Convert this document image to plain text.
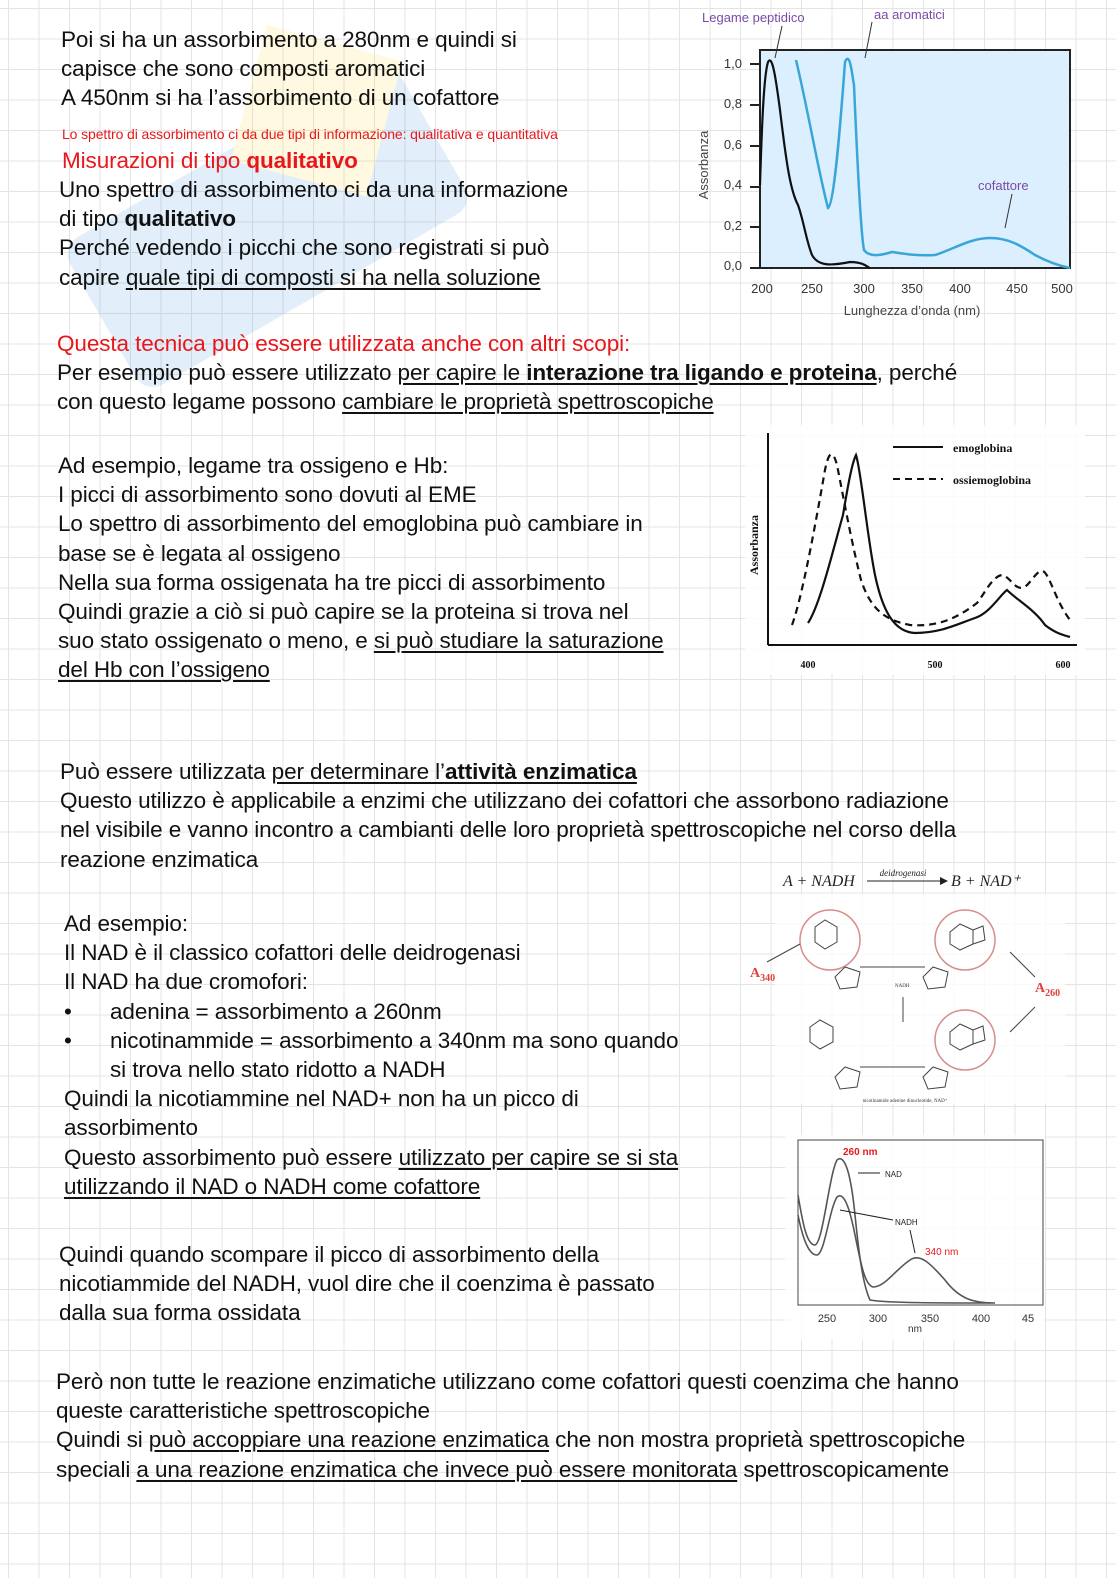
Poi si ha un assorbimento a 280nm e quindi si
capisce che sono composti aromatici
A 450nm si ha l’assorbimento di un cofattore
Lo spettro di assorbimento ci da due tipi di informazione: qualitativa e quantitativa
Misurazioni di tipo qualitativo
Uno spettro di assorbimento ci da una informazione
di tipo qualitativo
Perché vedendo i picchi che sono registrati si può
capire quale tipi di composti si ha nella soluzione	0,0
0,2
0,4
0,6
0,8
1,0
200 250 300 350 400	450 500
Lunghezza d’onda (nm)
Assorbanza
Legame peptidico	aa aromatici
cofattore
Questa tecnica può essere utilizzata anche con altri scopi:
Per esempio può essere utilizzato per capire le interazione tra ligando e proteina, perché
con questo legame possono cambiare le proprietà spettroscopiche
Ad esempio, legame tra ossigeno e Hb:
I picci di assorbimento sono dovuti al EME
Lo spettro di assorbimento del emoglobina può cambiare in
base se è legata al ossigeno
Nella sua forma ossigenata ha tre picci di assorbimento
Quindi grazie a ciò si può capire se la proteina si trova nel
suo stato ossigenato o meno, e si può studiare la saturazione
del Hb con l’ossigeno	400	500	600
Assorbanza
emoglobina
ossiemoglobina
Può essere utilizzata per determinare l’attività enzimatica
Questo utilizzo è applicabile a enzimi che utilizzano dei cofattori che assorbono radiazione
nel visibile e vanno incontro a cambianti delle loro proprietà spettroscopiche nel corso della
reazione enzimatica
Ad esempio:
Il NAD è il classico cofattori delle deidrogenasi
Il NAD ha due cromofori:
• adenina = assorbimento a 260nm
• nicotinammide = assorbimento a 340nm ma sono quando
si trova nello stato ridotto a NADH
Quindi la nicotiammine nel NAD+ non ha un picco di
assorbimento
Questo assorbimento può essere utilizzato per capire se si sta
utilizzando il NAD o NADH come cofattore
A + NADH	deidrogenasi B + NAD⁺
$A_{340}$
$A_{260}$
NADH
nicotinamide adenine dinucleotide, NAD⁺
260 nm
NAD
NADH
340 nm
250	300	350	400	45
nm
Quindi quando scompare il picco di assorbimento della
nicotiammide del NADH, vuol dire che il coenzima è passato
dalla sua forma ossidata
Però non tutte le reazione enzimatiche utilizzano come cofattori questi coenzima che hanno
queste caratteristiche spettroscopiche
Quindi si può accoppiare una reazione enzimatica che non mostra proprietà spettroscopiche
speciali a una reazione enzimatica che invece può essere monitorata spettroscopicamente
